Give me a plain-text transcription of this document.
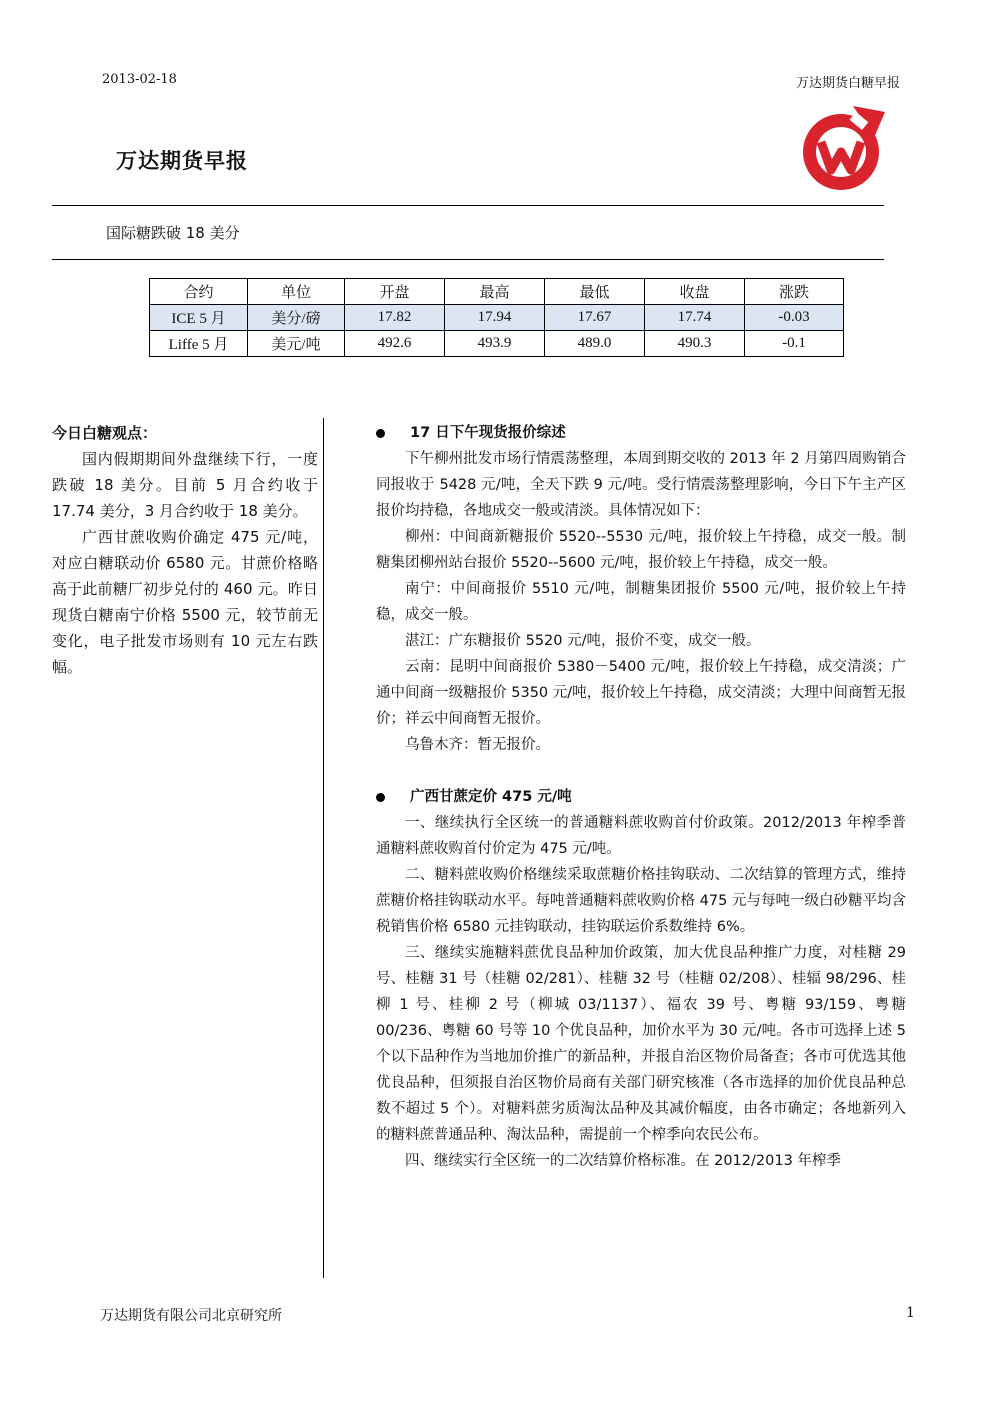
2013-02-18	万达期货白糖早报
万达期货早报
国际糖跌破 18 美分
合约	单位	开盘	最高	最低	收盘	涨跌
ICE 5 月	美分/磅	17.82	17.94	17.67	17.74	-0.03
Liffe 5 月	美元/吨	492.6	493.9	489.0	490.3	-0.1
今日白糖观点：

国内假期期间外盘继续下行，一度跌破 18 美分。目前 5 月合约收于 17.74 美分，3 月合约收于 18 美分。

广西甘蔗收购价确定 475 元/吨，对应白糖联动价 6580 元。甘蔗价格略高于此前糖厂初步兑付的 460 元。昨日现货白糖南宁价格 5500 元，较节前无变化，电子批发市场则有 10 元左右跌幅。

17 日下午现货报价综述

下午柳州批发市场行情震荡整理，本周到期交收的 2013 年 2 月第四周购销合同报收于 5428 元/吨，全天下跌 9 元/吨。受行情震荡整理影响，今日下午主产区报价均持稳，各地成交一般或清淡。具体情况如下：

柳州：中间商新糖报价 5520--5530 元/吨，报价较上午持稳，成交一般。制糖集团柳州站台报价 5520--5600 元/吨，报价较上午持稳，成交一般。

南宁：中间商报价 5510 元/吨，制糖集团报价 5500 元/吨，报价较上午持稳，成交一般。

湛江：广东糖报价 5520 元/吨，报价不变，成交一般。

云南：昆明中间商报价 5380－5400 元/吨，报价较上午持稳，成交清淡；广通中间商一级糖报价 5350 元/吨，报价较上午持稳，成交清淡；大理中间商暂无报价；祥云中间商暂无报价。

乌鲁木齐：暂无报价。

广西甘蔗定价 475 元/吨

一、继续执行全区统一的普通糖料蔗收购首付价政策。2012/2013 年榨季普通糖料蔗收购首付价定为 475 元/吨。

二、糖料蔗收购价格继续采取蔗糖价格挂钩联动、二次结算的管理方式，维持蔗糖价格挂钩联动水平。每吨普通糖料蔗收购价格 475 元与每吨一级白砂糖平均含税销售价格 6580 元挂钩联动，挂钩联运价系数维持 6%。

三、继续实施糖料蔗优良品种加价政策，加大优良品种推广力度，对桂糖 29 号、桂糖 31 号（桂糖 02/281）、桂糖 32 号（桂糖 02/208）、桂辐 98/296、桂柳 1 号、桂柳 2 号（柳城 03/1137）、福农 39 号、粤糖 93/159、粤糖 00/236、粤糖 60 号等 10 个优良品种，加价水平为 30 元/吨。各市可选择上述 5 个以下品种作为当地加价推广的新品种，并报自治区物价局备查；各市可优选其他优良品种，但须报自治区物价局商有关部门研究核准（各市选择的加价优良品种总数不超过 5 个）。对糖料蔗劣质淘汰品种及其减价幅度，由各市确定；各地新列入的糖料蔗普通品种、淘汰品种，需提前一个榨季向农民公布。

四、继续实行全区统一的二次结算价格标准。在 2012/2013 年榨季

万达期货有限公司北京研究所	1
